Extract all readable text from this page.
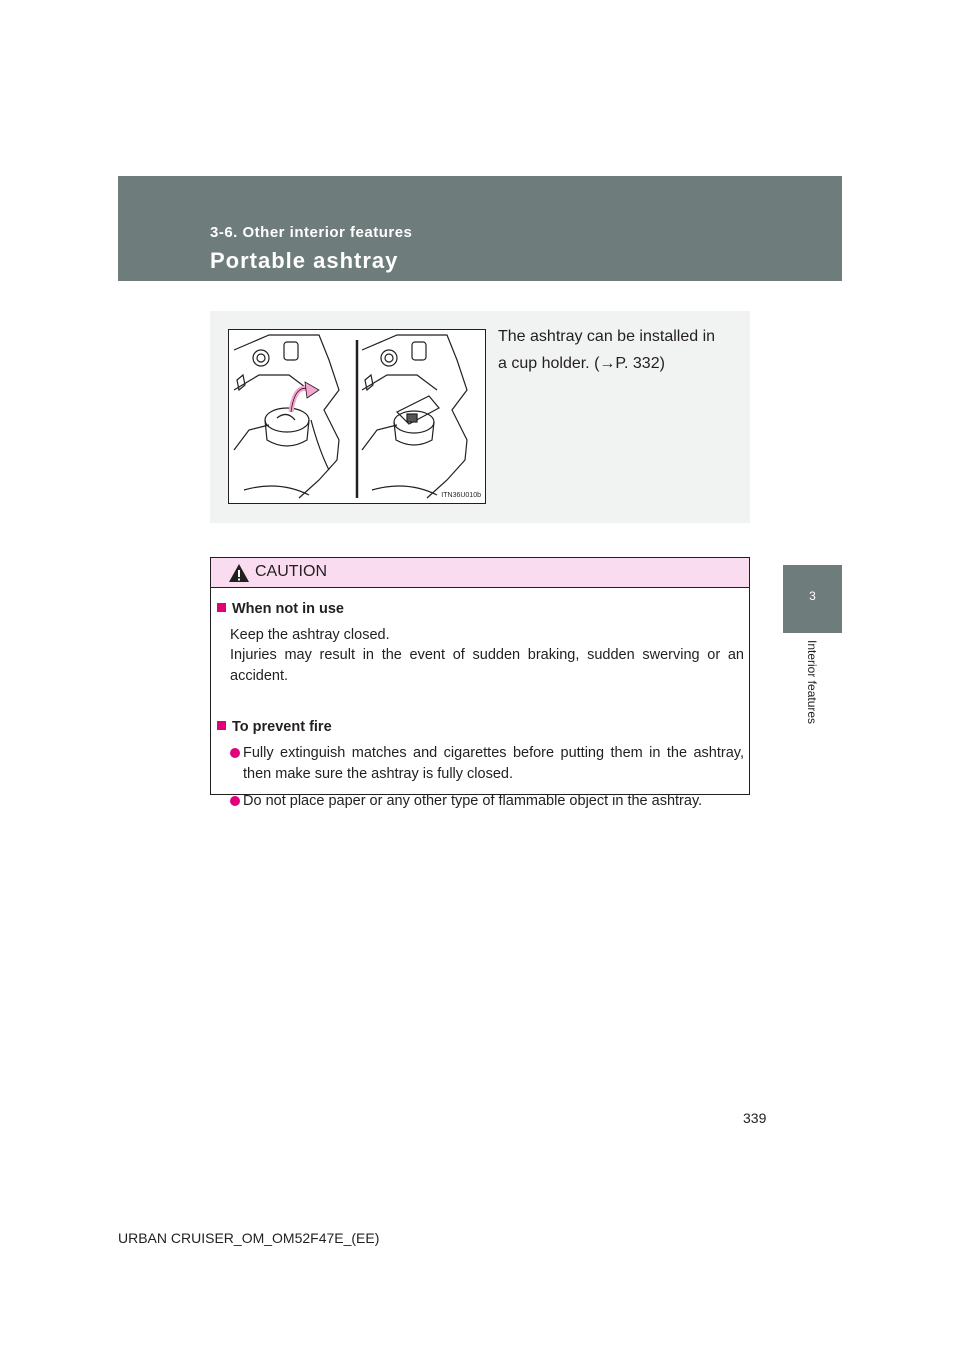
3-6. Other interior features
Portable ashtray
3
Interior features
ITN36U010b
The ashtray can be installed in
a cup holder. (→P. 332)
CAUTION
When not in use
Keep the ashtray closed.
Injuries may result in the event of sudden braking, sudden swerving or an accident.
To prevent fire
Fully extinguish matches and cigarettes before putting them in the ashtray, then make sure the ashtray is fully closed.
Do not place paper or any other type of flammable object in the ashtray.
339
URBAN CRUISER_OM_OM52F47E_(EE)
